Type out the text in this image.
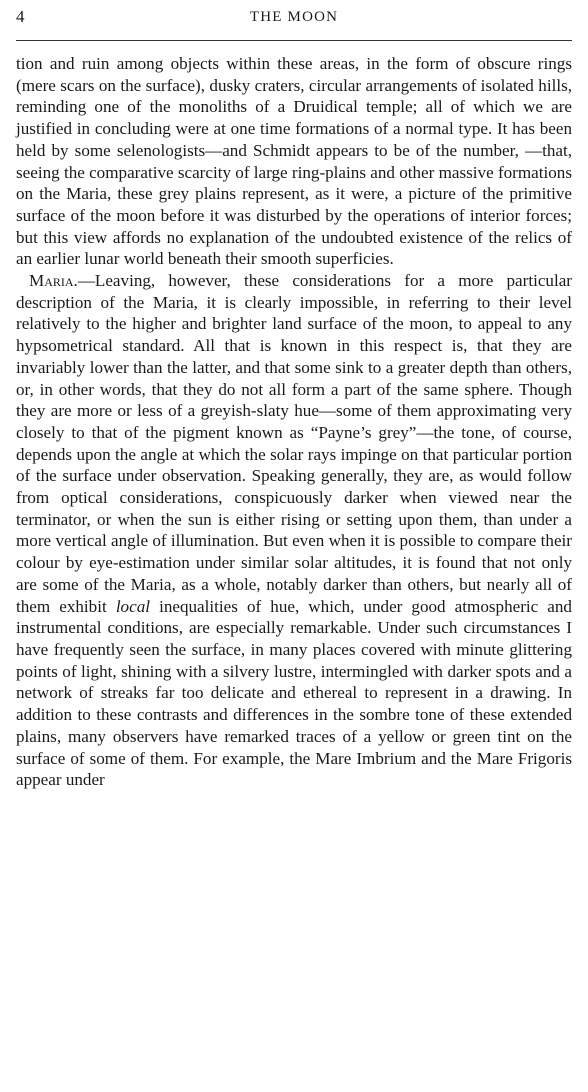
4	THE MOON

tion and ruin among objects within these areas, in the form of obscure rings (mere scars on the surface), dusky craters, circular arrangements of isolated hills, reminding one of the monoliths of a Druidical temple; all of which we are justified in concluding were at one time formations of a normal type. It has been held by some selenologists—and Schmidt appears to be of the number, —that, seeing the comparative scarcity of large ring-plains and other massive formations on the Maria, these grey plains represent, as it were, a picture of the primitive surface of the moon before it was disturbed by the operations of interior forces; but this view affords no explanation of the undoubted existence of the relics of an earlier lunar world beneath their smooth superficies.

Maria.—Leaving, however, these considerations for a more particular description of the Maria, it is clearly impossible, in referring to their level relatively to the higher and brighter land surface of the moon, to appeal to any hypsometrical standard. All that is known in this respect is, that they are invariably lower than the latter, and that some sink to a greater depth than others, or, in other words, that they do not all form a part of the same sphere. Though they are more or less of a greyish-slaty hue—some of them approximating very closely to that of the pigment known as “Payne’s grey”—the tone, of course, depends upon the angle at which the solar rays impinge on that particular portion of the surface under observation. Speaking generally, they are, as would follow from optical considerations, conspicuously darker when viewed near the terminator, or when the sun is either rising or setting upon them, than under a more vertical angle of illumination. But even when it is possible to compare their colour by eye-estimation under similar solar altitudes, it is found that not only are some of the Maria, as a whole, notably darker than others, but nearly all of them exhibit local inequalities of hue, which, under good atmospheric and instrumental conditions, are especially remarkable. Under such circumstances I have frequently seen the surface, in many places covered with minute glittering points of light, shining with a silvery lustre, intermingled with darker spots and a network of streaks far too delicate and ethereal to represent in a drawing. In addition to these contrasts and differences in the sombre tone of these extended plains, many observers have remarked traces of a yellow or green tint on the surface of some of them. For example, the Mare Imbrium and the Mare Frigoris appear under
